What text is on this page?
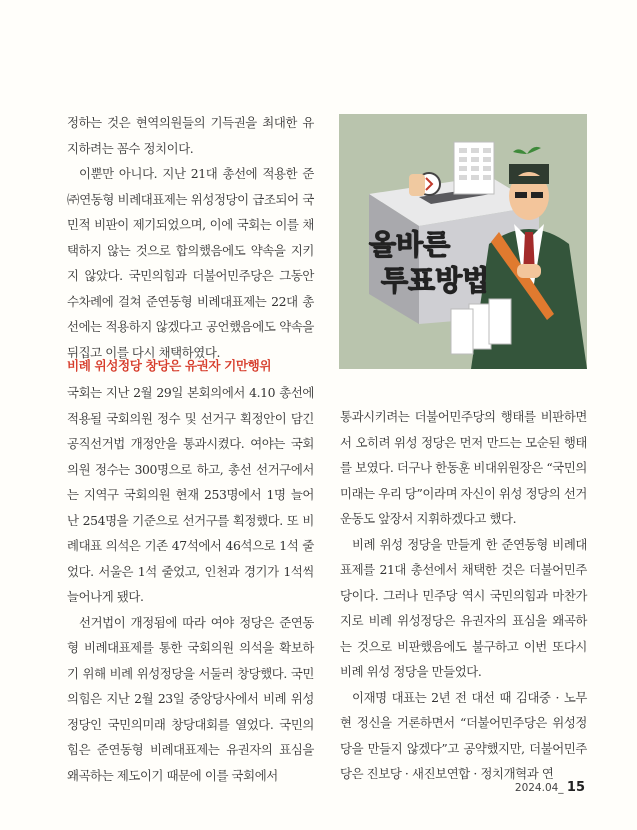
정하는 것은 현역의원들의 기득권을 최대한 유지하려는 꼼수 정치이다.

이뿐만 아니다. 지난 21대 총선에 적용한 준㈜연동형 비례대표제는 위성정당이 급조되어 국민적 비판이 제기되었으며, 이에 국회는 이를 채택하지 않는 것으로 합의했음에도 약속을 지키지 않았다. 국민의힘과 더불어민주당은 그동안 수차례에 걸쳐 준연동형 비례대표제는 22대 총선에는 적용하지 않겠다고 공언했음에도 약속을 뒤집고 이를 다시 채택하였다.

비례 위성정당 창당은 유권자 기만행위

국회는 지난 2월 29일 본회의에서 4.10 총선에 적용될 국회의원 정수 및 선거구 획정안이 담긴 공직선거법 개정안을 통과시켰다. 여야는 국회의원 정수는 300명으로 하고, 총선 선거구에서는 지역구 국회의원 현재 253명에서 1명 늘어난 254명을 기준으로 선거구를 획정했다. 또 비례대표 의석은 기존 47석에서 46석으로 1석 줄었다. 서울은 1석 줄었고, 인천과 경기가 1석씩 늘어나게 됐다.

선거법이 개정됨에 따라 여야 정당은 준연동형 비례대표제를 통한 국회의원 의석을 확보하기 위해 비례 위성정당을 서둘러 창당했다. 국민의힘은 지난 2월 23일 중앙당사에서 비례 위성정당인 국민의미래 창당대회를 열었다. 국민의힘은 준연동형 비례대표제는 유권자의 표심을 왜곡하는 제도이기 때문에 이를 국회에서

올바른
투표방법

통과시키려는 더불어민주당의 행태를 비판하면서 오히려 위성 정당은 먼저 만드는 모순된 행태를 보였다. 더구나 한동훈 비대위원장은 “국민의미래는 우리 당”이라며 자신이 위성 정당의 선거운동도 앞장서 지휘하겠다고 했다.

비례 위성 정당을 만들게 한 준연동형 비례대표제를 21대 총선에서 채택한 것은 더불어민주당이다. 그러나 민주당 역시 국민의힘과 마찬가지로 비례 위성정당은 유권자의 표심을 왜곡하는 것으로 비판했음에도 불구하고 이번 또다시 비례 위성 정당을 만들었다.

이재명 대표는 2년 전 대선 때 김대중 · 노무현 정신을 거론하면서 “더불어민주당은 위성정당을 만들지 않겠다”고 공약했지만, 더불어민주당은 진보당 · 새진보연합 · 정치개혁과 연

2024.04_ 15
